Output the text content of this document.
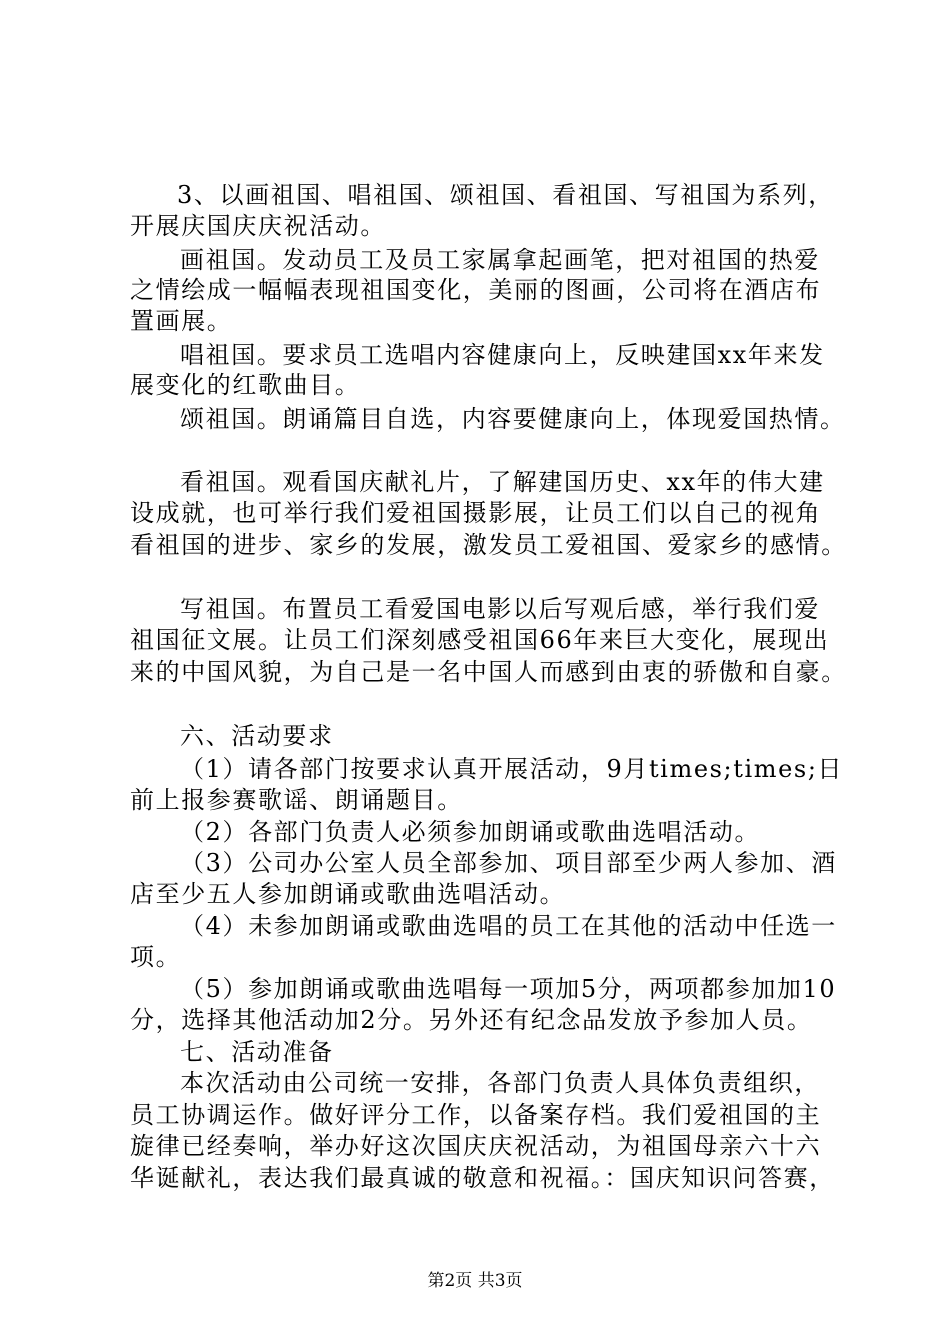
3、以画祖国、唱祖国、颂祖国、看祖国、写祖国为系列，
开展庆国庆庆祝活动。
画祖国。发动员工及员工家属拿起画笔，把对祖国的热爱
之情绘成一幅幅表现祖国变化，美丽的图画，公司将在酒店布
置画展。
唱祖国。要求员工选唱内容健康向上，反映建国xx年来发
展变化的红歌曲目。
颂祖国。朗诵篇目自选，内容要健康向上，体现爱国热情。
看祖国。观看国庆献礼片，了解建国历史、xx年的伟大建
设成就，也可举行我们爱祖国摄影展，让员工们以自己的视角
看祖国的进步、家乡的发展，激发员工爱祖国、爱家乡的感情。
写祖国。布置员工看爱国电影以后写观后感，举行我们爱
祖国征文展。让员工们深刻感受祖国66年来巨大变化，展现出
来的中国风貌，为自己是一名中国人而感到由衷的骄傲和自豪。
六、活动要求
（1）请各部门按要求认真开展活动，9月times;times;日
前上报参赛歌谣、朗诵题目。
（2）各部门负责人必须参加朗诵或歌曲选唱活动。
（3）公司办公室人员全部参加、项目部至少两人参加、酒
店至少五人参加朗诵或歌曲选唱活动。
（4）未参加朗诵或歌曲选唱的员工在其他的活动中任选一
项。
（5）参加朗诵或歌曲选唱每一项加5分，两项都参加加10
分，选择其他活动加2分。另外还有纪念品发放予参加人员。
七、活动准备
本次活动由公司统一安排，各部门负责人具体负责组织，
员工协调运作。做好评分工作，以备案存档。我们爱祖国的主
旋律已经奏响，举办好这次国庆庆祝活动，为祖国母亲六十六
华诞献礼，表达我们最真诚的敬意和祝福。：国庆知识问答赛，
第2页 共3页
